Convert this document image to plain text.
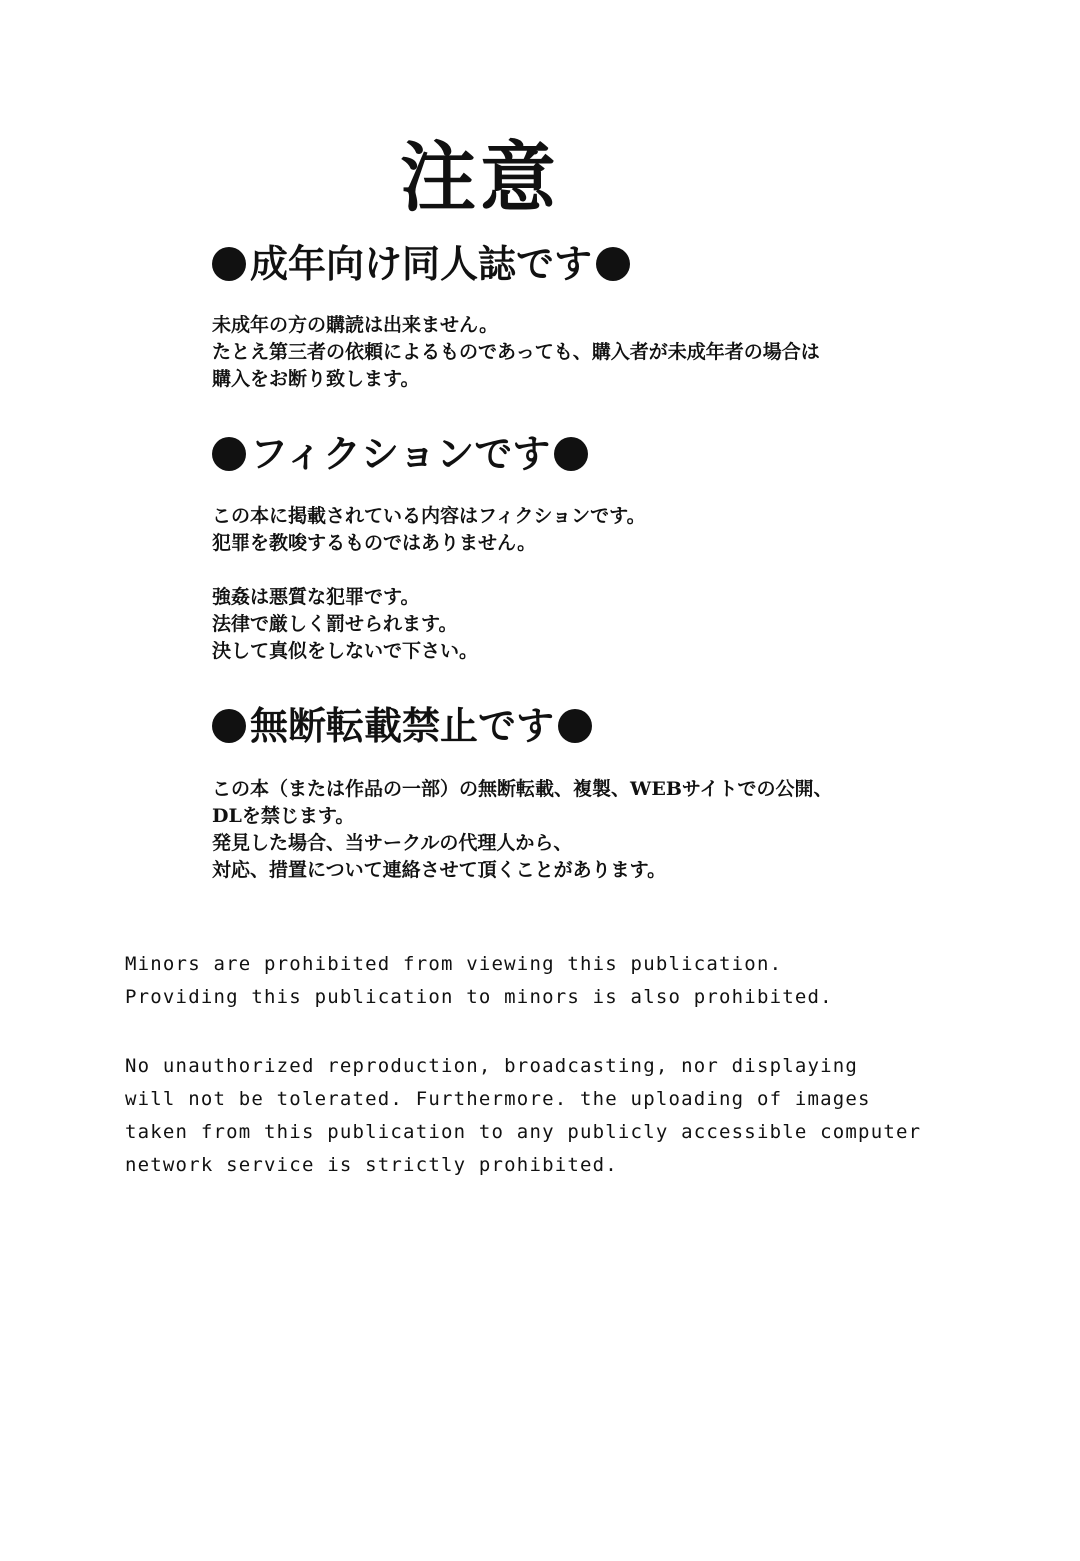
注意
成年向け同人誌です
未成年の方の購読は出来ません。
たとえ第三者の依頼によるものであっても、購入者が未成年者の場合は
購入をお断り致します。
フィクションです
この本に掲載されている内容はフィクションです。
犯罪を教唆するものではありません。
強姦は悪質な犯罪です。
法律で厳しく罰せられます。
決して真似をしないで下さい。
無断転載禁止です
この本（または作品の一部）の無断転載、複製、WEBサイトでの公開、
DLを禁じます。
発見した場合、当サークルの代理人から、
対応、措置について連絡させて頂くことがあります。
Minors are prohibited from viewing this publication.
Providing this publication to minors is also prohibited.
No unauthorized reproduction, broadcasting, nor displaying
will not be tolerated. Furthermore. the uploading of images
taken from this publication to any publicly accessible computer
network service is strictly prohibited.
